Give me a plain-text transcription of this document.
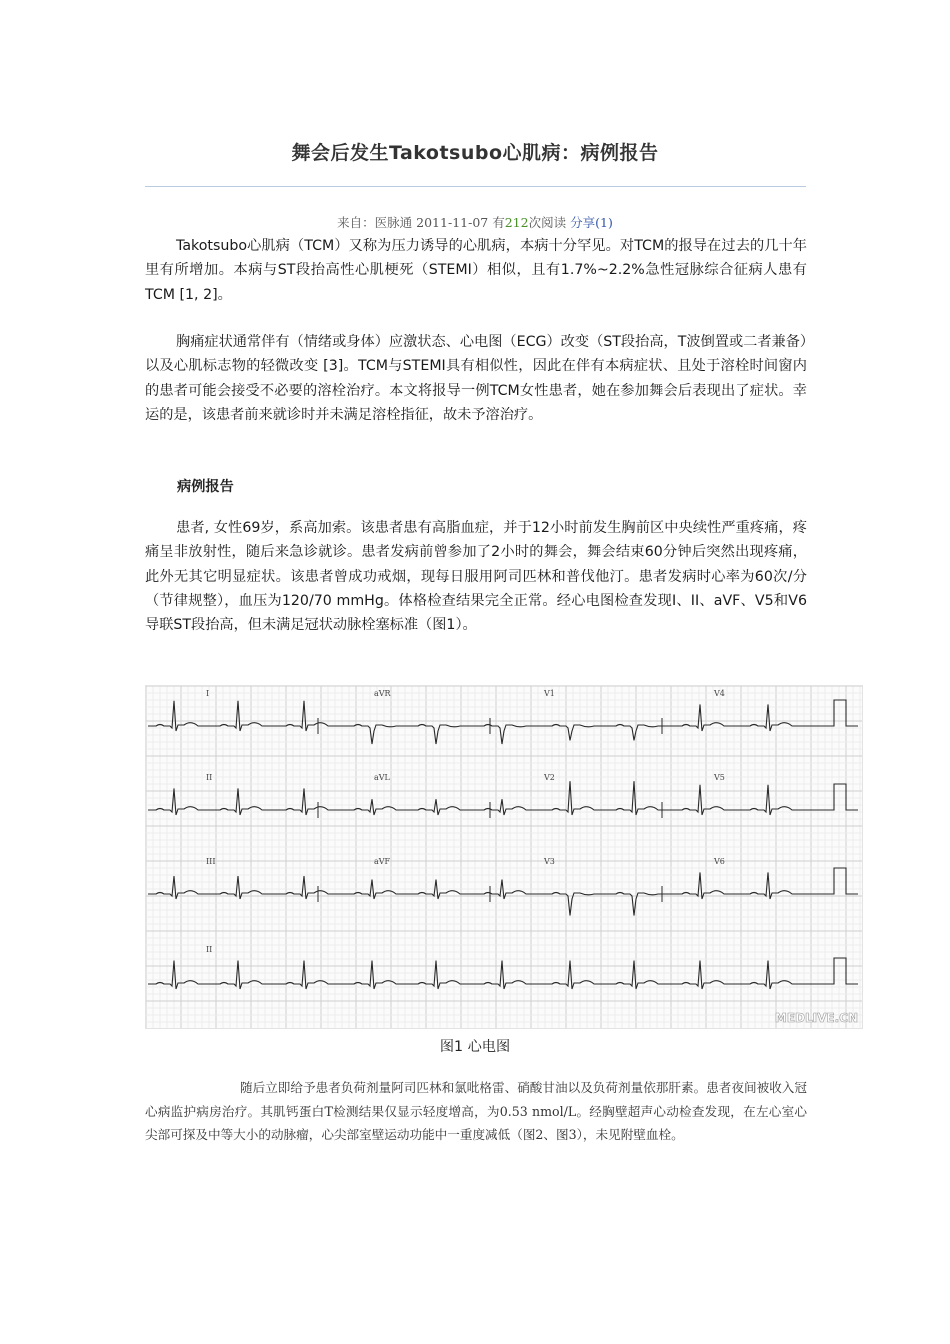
舞会后发生Takotsubo心肌病：病例报告
来自：医脉通 2011-11-07 有212次阅读 分享(1)
Takotsubo心肌病（TCM）又称为压力诱导的心肌病，本病十分罕见。对TCM的报导在过去的几十年里有所增加。本病与ST段抬高性心肌梗死（STEMI）相似，且有1.7%~2.2%急性冠脉综合征病人患有TCM [1, 2]。
胸痛症状通常伴有（情绪或身体）应激状态、心电图（ECG）改变（ST段抬高，T波倒置或二者兼备）以及心肌标志物的轻微改变 [3]。TCM与STEMI具有相似性，因此在伴有本病症状、且处于溶栓时间窗内的患者可能会接受不必要的溶栓治疗。本文将报导一例TCM女性患者，她在参加舞会后表现出了症状。幸运的是，该患者前来就诊时并未满足溶栓指征，故未予溶治疗。
病例报告
患者, 女性69岁，系高加索。该患者患有高脂血症，并于12小时前发生胸前区中央续性严重疼痛，疼痛呈非放射性，随后来急诊就诊。患者发病前曾参加了2小时的舞会，舞会结束60分钟后突然出现疼痛，此外无其它明显症状。该患者曾成功戒烟，现每日服用阿司匹林和普伐他汀。患者发病时心率为60次/分（节律规整），血压为120/70 mmHg。体格检查结果完全正常。经心电图检查发现I、II、aVF、V5和V6导联ST段抬高，但未满足冠状动脉栓塞标准（图1）。
I	aVR	V1	V4
II	aVL	V2	V5
III	aVF	V3	V6
II
MEDLIVE.CN
图1 心电图
随后立即给予患者负荷剂量阿司匹林和氯吡格雷、硝酸甘油以及负荷剂量依那肝素。患者夜间被收入冠心病监护病房治疗。其肌钙蛋白T检测结果仅显示轻度增高，为0.53 nmol/L。经胸壁超声心动检查发现，在左心室心尖部可探及中等大小的动脉瘤，心尖部室壁运动功能中一重度减低（图2、图3），未见附壁血栓。
